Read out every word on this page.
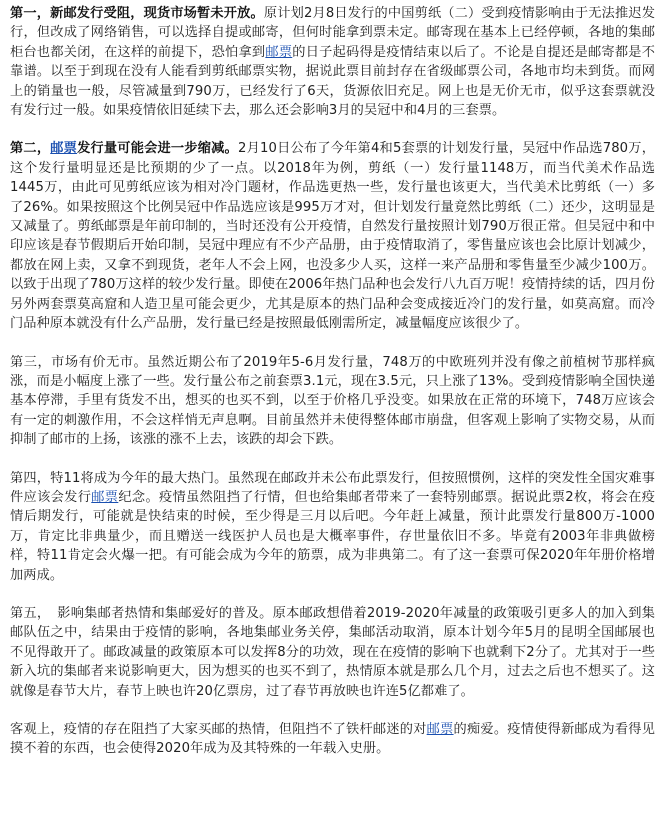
第一，新邮发行受阻，现货市场暂未开放。原计划2月8日发行的中国剪纸（二）受到疫情影响由于无法推迟发行，但改成了网络销售，可以选择自提或邮寄，但何时能拿到票未定。邮寄现在基本上已经停顿，各地的集邮柜台也都关闭，在这样的前提下，恐怕拿到邮票的日子起码得是疫情结束以后了。不论是自提还是邮寄都是不靠谱。以至于到现在没有人能看到剪纸邮票实物，据说此票目前封存在省级邮票公司，各地市均未到货。而网上的销量也一般，尽管减量到790万，已经发行了6天，货源依旧充足。网上也是无价无市，似乎这套票就没有发行过一般。如果疫情依旧延续下去，那么还会影响3月的吴冠中和4月的三套票。

第二，邮票发行量可能会进一步缩减。2月10日公布了今年第4和5套票的计划发行量，吴冠中作品选780万，这个发行量明显还是比预期的少了一点。以2018年为例，剪纸（一）发行量1148万，而当代美术作品选1445万，由此可见剪纸应该为相对冷门题材，作品选更热一些，发行量也该更大，当代美术比剪纸（一）多了26%。如果按照这个比例吴冠中作品选应该是995万才对，但计划发行量竟然比剪纸（二）还少，这明显是又减量了。剪纸邮票是年前印制的，当时还没有公开疫情，自然发行量按照计划790万很正常。但吴冠中和中印应该是春节假期后开始印制，吴冠中理应有不少产品册，由于疫情取消了，零售量应该也会比原计划减少，都放在网上卖，又拿不到现货，老年人不会上网，也没多少人买，这样一来产品册和零售量至少减少100万。以致于出现了780万这样的较少发行量。即使在2006年热门品种也会发行八九百万呢！疫情持续的话，四月份另外两套票莫高窟和人造卫星可能会更少，尤其是原本的热门品种会变成接近冷门的发行量，如莫高窟。而冷门品种原本就没有什么产品册，发行量已经是按照最低刚需所定，减量幅度应该很少了。

第三，市场有价无市。虽然近期公布了2019年5-6月发行量，748万的中欧班列并没有像之前植树节那样疯涨，而是小幅度上涨了一些。发行量公布之前套票3.1元，现在3.5元，只上涨了13%。受到疫情影响全国快递基本停滞，手里有货发不出，想买的也买不到，以至于价格几乎没变。如果放在正常的环境下，748万应该会有一定的刺激作用，不会这样悄无声息啊。目前虽然并未使得整体邮市崩盘，但客观上影响了实物交易，从而抑制了邮市的上扬，该涨的涨不上去，该跌的却会下跌。

第四，特11将成为今年的最大热门。虽然现在邮政并未公布此票发行，但按照惯例，这样的突发性全国灾难事件应该会发行邮票纪念。疫情虽然阻挡了行情，但也给集邮者带来了一套特别邮票。据说此票2枚，将会在疫情后期发行，可能就是快结束的时候，至少得是三月以后吧。今年赶上减量，预计此票发行量800万-1000万，肯定比非典量少，而且赠送一线医护人员也是大概率事件，存世量依旧不多。毕竟有2003年非典做榜样，特11肯定会火爆一把。有可能会成为今年的筋票，成为非典第二。有了这一套票可保2020年年册价格增加两成。

第五，　影响集邮者热情和集邮爱好的普及。原本邮政想借着2019-2020年减量的政策吸引更多人的加入到集邮队伍之中，结果由于疫情的影响，各地集邮业务关停，集邮活动取消，原本计划今年5月的昆明全国邮展也不见得敢开了。邮政减量的政策原本可以发挥8分的功效，现在在疫情的影响下也就剩下2分了。尤其对于一些新入坑的集邮者来说影响更大，因为想买的也买不到了，热情原本就是那么几个月，过去之后也不想买了。这就像是春节大片，春节上映也许20亿票房，过了春节再放映也许连5亿都难了。

客观上，疫情的存在阻挡了大家买邮的热情，但阻挡不了铁杆邮迷的对邮票的痴爱。疫情使得新邮成为看得见摸不着的东西，也会使得2020年成为及其特殊的一年载入史册。
